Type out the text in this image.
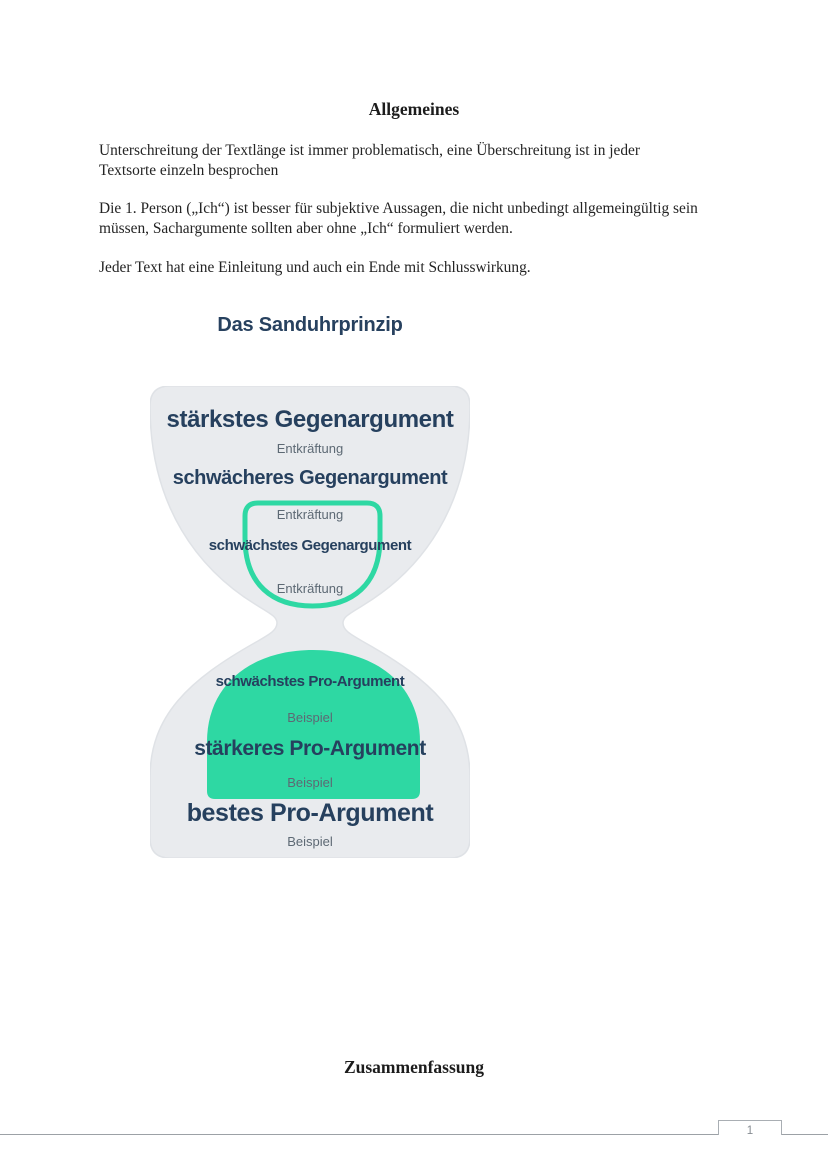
Allgemeines
Unterschreitung der Textlänge ist immer problematisch, eine Überschreitung ist in jeder
Textsorte einzeln besprochen
Die 1. Person („Ich“) ist besser für subjektive Aussagen, die nicht unbedingt allgemeingültig sein
müssen, Sachargumente sollten aber ohne „Ich“ formuliert werden.
Jeder Text hat eine Einleitung und auch ein Ende mit Schlusswirkung.
Das Sanduhrprinzip
stärkstes Gegenargument
Entkräftung
schwächeres Gegenargument
Entkräftung
schwächstes Gegenargument
Entkräftung
schwächstes Pro-Argument
Beispiel
stärkeres Pro-Argument
Beispiel
bestes Pro-Argument
Beispiel
Zusammenfassung
1
